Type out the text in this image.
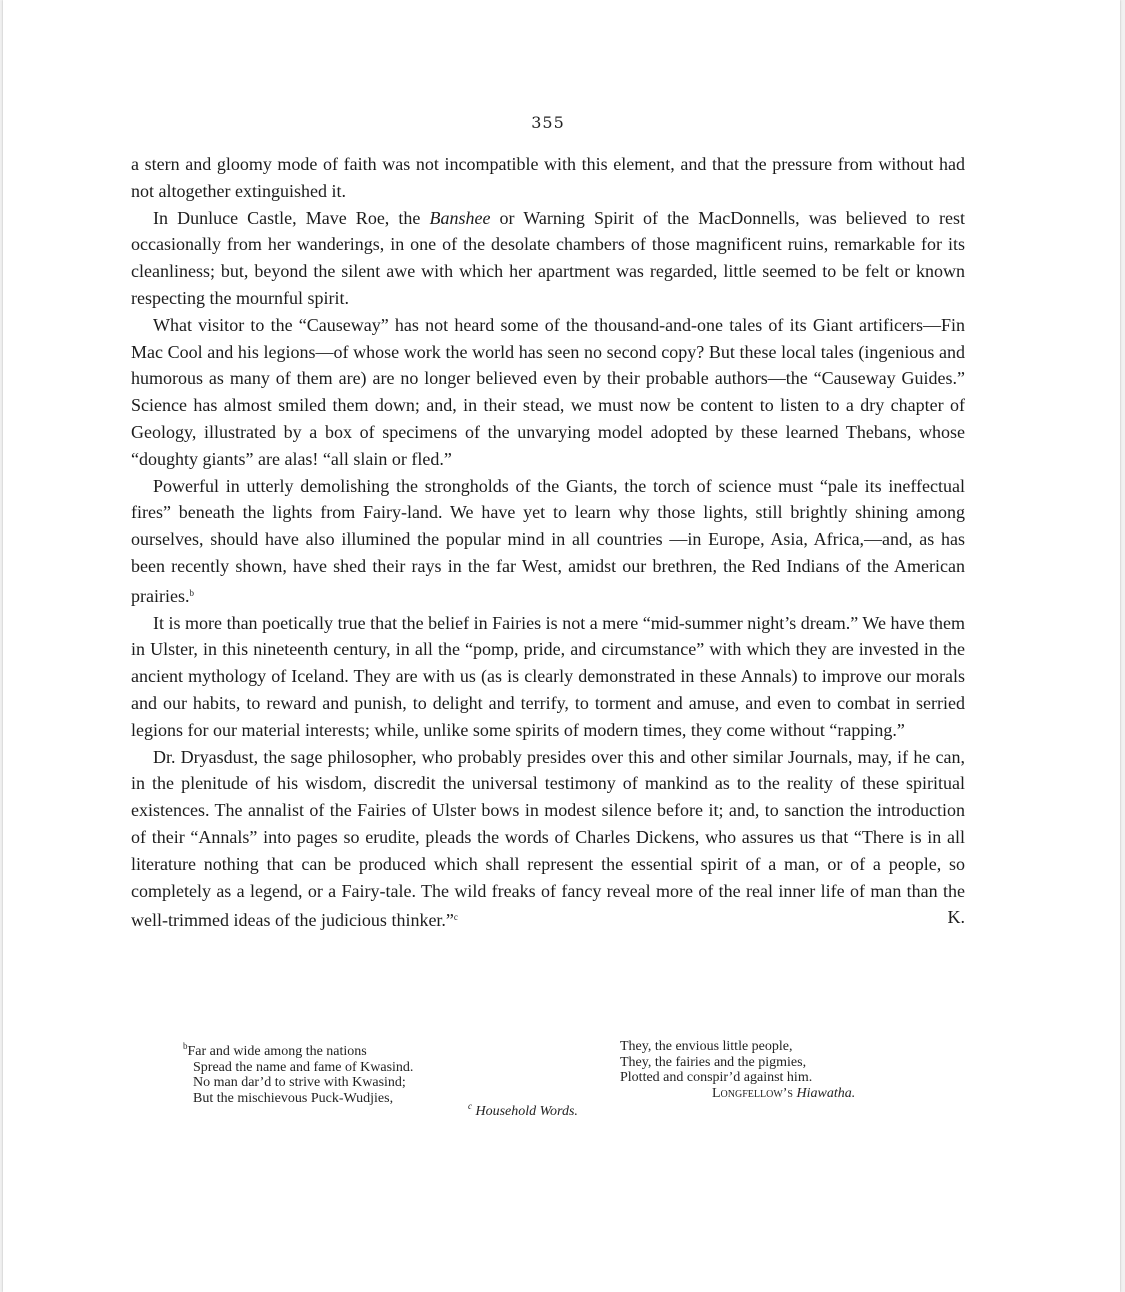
355

a stern and gloomy mode of faith was not incompatible with this element, and that the pressure from without had not altogether extinguished it.

In Dunluce Castle, Mave Roe, the Banshee or Warning Spirit of the MacDonnells, was believed to rest occasionally from her wanderings, in one of the desolate chambers of those magnificent ruins, remarkable for its cleanliness; but, beyond the silent awe with which her apartment was regarded, little seemed to be felt or known respecting the mournful spirit.

What visitor to the “Causeway” has not heard some of the thousand-and-one tales of its Giant artificers—Fin Mac Cool and his legions—of whose work the world has seen no second copy? But these local tales (ingenious and humorous as many of them are) are no longer believed even by their probable authors—the “Causeway Guides.” Science has almost smiled them down; and, in their stead, we must now be content to listen to a dry chapter of Geology, illustrated by a box of specimens of the unvarying model adopted by these learned Thebans, whose “doughty giants” are alas! “all slain or fled.”

Powerful in utterly demolishing the strongholds of the Giants, the torch of science must “pale its ineffectual fires” beneath the lights from Fairy-land. We have yet to learn why those lights, still brightly shining among ourselves, should have also illumined the popular mind in all countries —in Europe, Asia, Africa,—and, as has been recently shown, have shed their rays in the far West, amidst our brethren, the Red Indians of the American prairies.$^b$

It is more than poetically true that the belief in Fairies is not a mere “mid-summer night’s dream.” We have them in Ulster, in this nineteenth century, in all the “pomp, pride, and circumstance” with which they are invested in the ancient mythology of Iceland. They are with us (as is clearly demonstrated in these Annals) to improve our morals and our habits, to reward and punish, to delight and terrify, to torment and amuse, and even to combat in serried legions for our material interests; while, unlike some spirits of modern times, they come without “rapping.”

Dr. Dryasdust, the sage philosopher, who probably presides over this and other similar Journals, may, if he can, in the plenitude of his wisdom, discredit the universal testimony of mankind as to the reality of these spiritual existences. The annalist of the Fairies of Ulster bows in modest silence before it; and, to sanction the introduction of their “Annals” into pages so erudite, pleads the words of Charles Dickens, who assures us that “There is in all literature nothing that can be produced which shall represent the essential spirit of a man, or of a people, so completely as a legend, or a Fairy-tale. The wild freaks of fancy reveal more of the real inner life of man than the well-trimmed ideas of the judicious thinker.”$^c$	K.

$^b$Far and wide among the nations
Spread the name and fame of Kwasind.
No man dar’d to strive with Kwasind;
But the mischievous Puck-Wudjies,
They, the envious little people,
They, the fairies and the pigmies,
Plotted and conspir’d against him.
Longfellow’s Hiawatha.
$^c$ Household Words.
